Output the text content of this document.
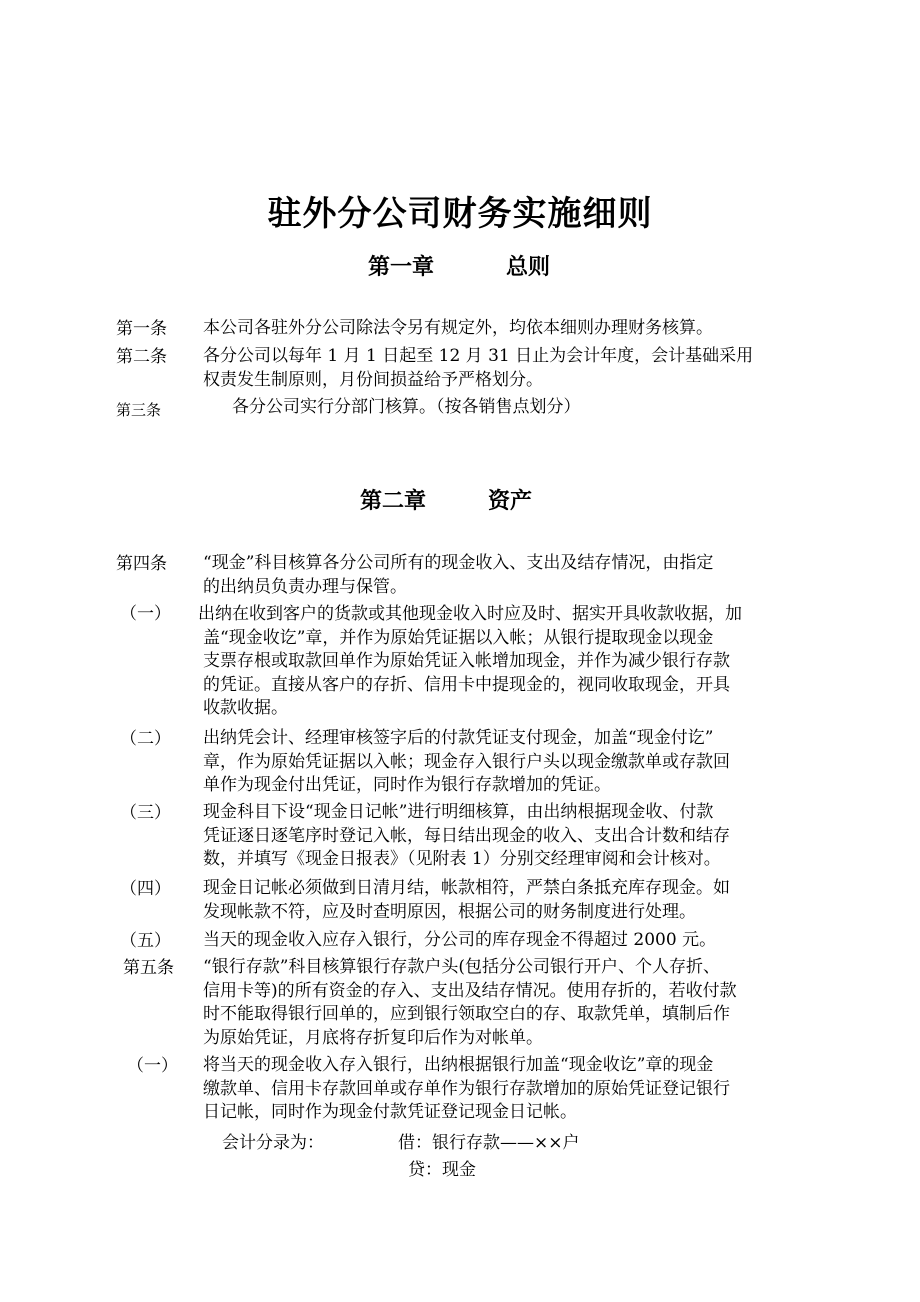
驻外分公司财务实施细则
第一章	总则
第一条 本公司各驻外分公司除法令另有规定外，均依本细则办理财务核算。
第二条 各分公司以每年 1 月 1 日起至 12 月 31 日止为会计年度，会计基础采用
权责发生制原则，月份间损益给予严格划分。
第三条	各分公司实行分部门核算。（按各销售点划分）
第二章	资产
第四条 “现金”科目核算各分公司所有的现金收入、支出及结存情况，由指定
的出纳员负责办理与保管。
（一） 出纳在收到客户的货款或其他现金收入时应及时、据实开具收款收据，加
盖“现金收讫”章，并作为原始凭证据以入帐；从银行提取现金以现金
支票存根或取款回单作为原始凭证入帐增加现金，并作为减少银行存款
的凭证。直接从客户的存折、信用卡中提现金的，视同收取现金，开具
收款收据。
（二） 出纳凭会计、经理审核签字后的付款凭证支付现金，加盖“现金付讫”
章，作为原始凭证据以入帐；现金存入银行户头以现金缴款单或存款回
单作为现金付出凭证，同时作为银行存款增加的凭证。
（三） 现金科目下设“现金日记帐”进行明细核算，由出纳根据现金收、付款
凭证逐日逐笔序时登记入帐，每日结出现金的收入、支出合计数和结存
数，并填写《现金日报表》（见附表 1）分别交经理审阅和会计核对。
（四） 现金日记帐必须做到日清月结，帐款相符，严禁白条抵充库存现金。如
发现帐款不符，应及时查明原因，根据公司的财务制度进行处理。
（五） 当天的现金收入应存入银行，分公司的库存现金不得超过 2000 元。
第五条 “银行存款”科目核算银行存款户头(包括分公司银行开户、个人存折、
信用卡等)的所有资金的存入、支出及结存情况。使用存折的，若收付款
时不能取得银行回单的，应到银行领取空白的存、取款凭单，填制后作
为原始凭证，月底将存折复印后作为对帐单。
（一） 将当天的现金收入存入银行，出纳根据银行加盖“现金收讫”章的现金
缴款单、信用卡存款回单或存单作为银行存款增加的原始凭证登记银行
日记帐，同时作为现金付款凭证登记现金日记帐。
会计分录为：	借：银行存款——××户
贷：现金
